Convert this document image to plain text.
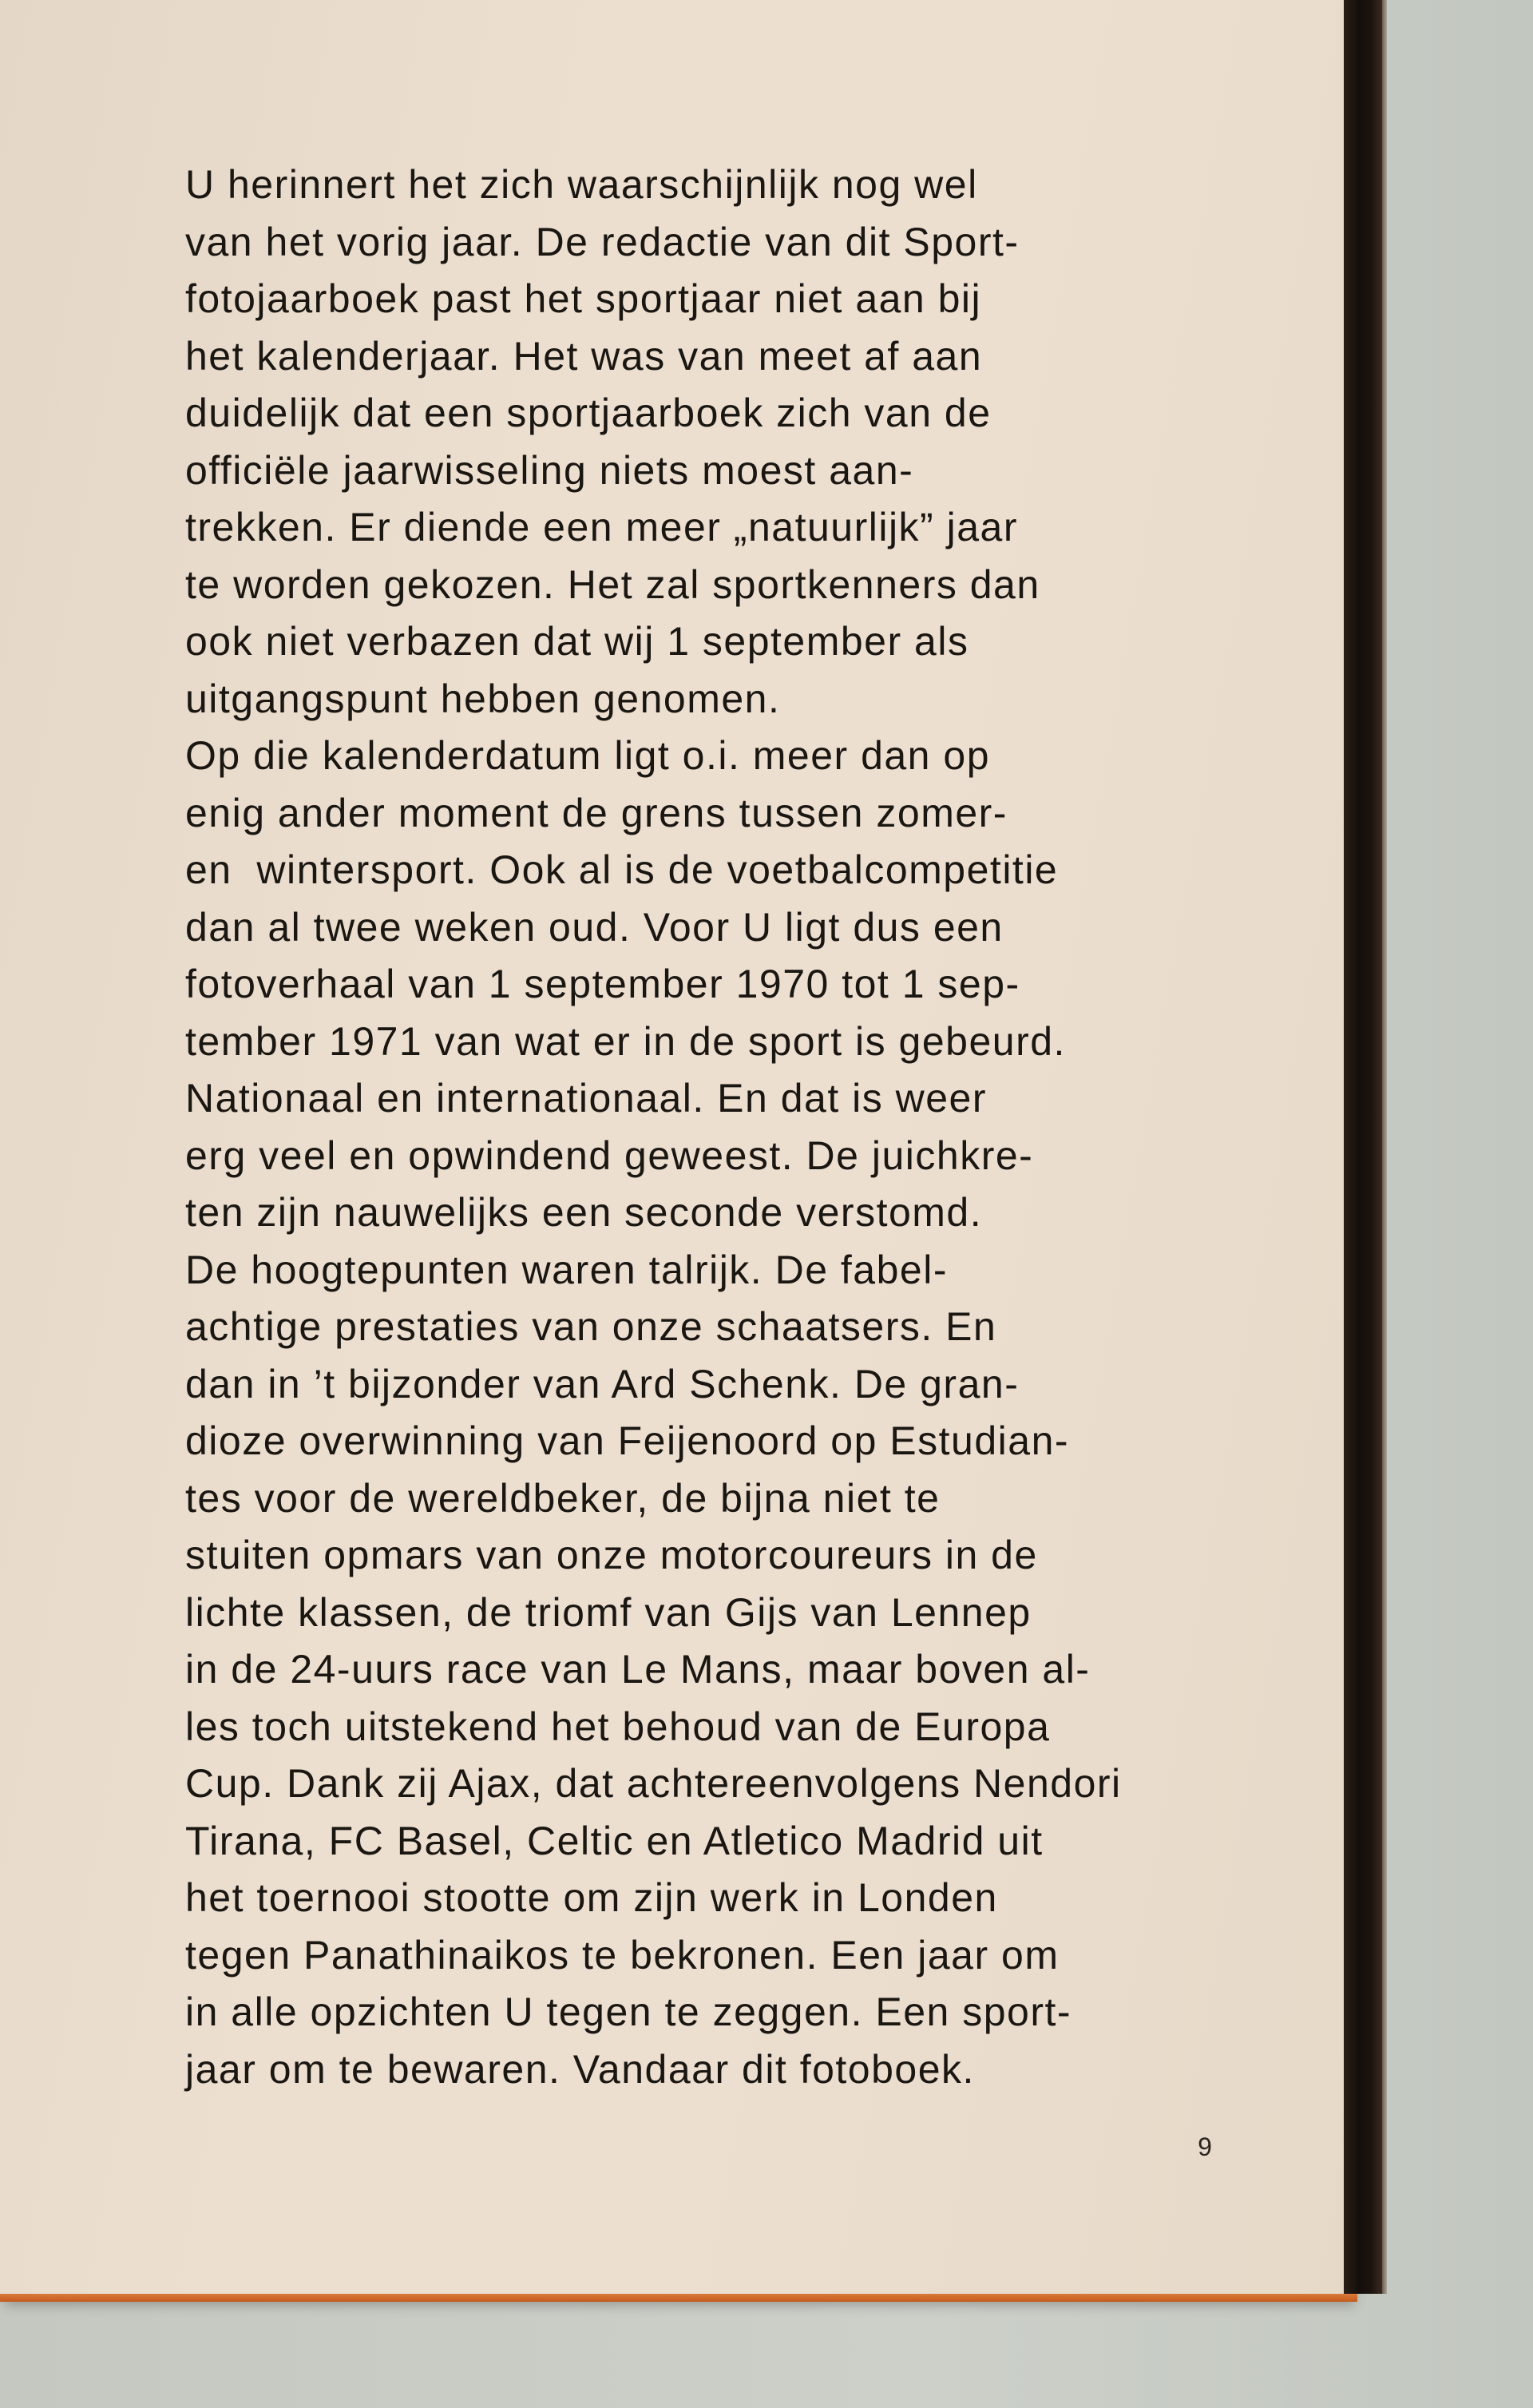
U herinnert het zich waarschijnlijk nog wel
van het vorig jaar. De redactie van dit Sport-
fotojaarboek past het sportjaar niet aan bij
het kalenderjaar. Het was van meet af aan
duidelijk dat een sportjaarboek zich van de
officiële jaarwisseling niets moest aan-
trekken. Er diende een meer „natuurlijk” jaar
te worden gekozen. Het zal sportkenners dan
ook niet verbazen dat wij 1 september als
uitgangspunt hebben genomen.
Op die kalenderdatum ligt o.i. meer dan op
enig ander moment de grens tussen zomer-
en  wintersport. Ook al is de voetbalcompetitie
dan al twee weken oud. Voor U ligt dus een
fotoverhaal van 1 september 1970 tot 1 sep-
tember 1971 van wat er in de sport is gebeurd.
Nationaal en internationaal. En dat is weer
erg veel en opwindend geweest. De juichkre-
ten zijn nauwelijks een seconde verstomd.
De hoogtepunten waren talrijk. De fabel-
achtige prestaties van onze schaatsers. En
dan in ’t bijzonder van Ard Schenk. De gran-
dioze overwinning van Feijenoord op Estudian-
tes voor de wereldbeker, de bijna niet te
stuiten opmars van onze motorcoureurs in de
lichte klassen, de triomf van Gijs van Lennep
in de 24-uurs race van Le Mans, maar boven al-
les toch uitstekend het behoud van de Europa
Cup. Dank zij Ajax, dat achtereenvolgens Nendori
Tirana, FC Basel, Celtic en Atletico Madrid uit
het toernooi stootte om zijn werk in Londen
tegen Panathinaikos te bekronen. Een jaar om
in alle opzichten U tegen te zeggen. Een sport-
jaar om te bewaren. Vandaar dit fotoboek.
9
